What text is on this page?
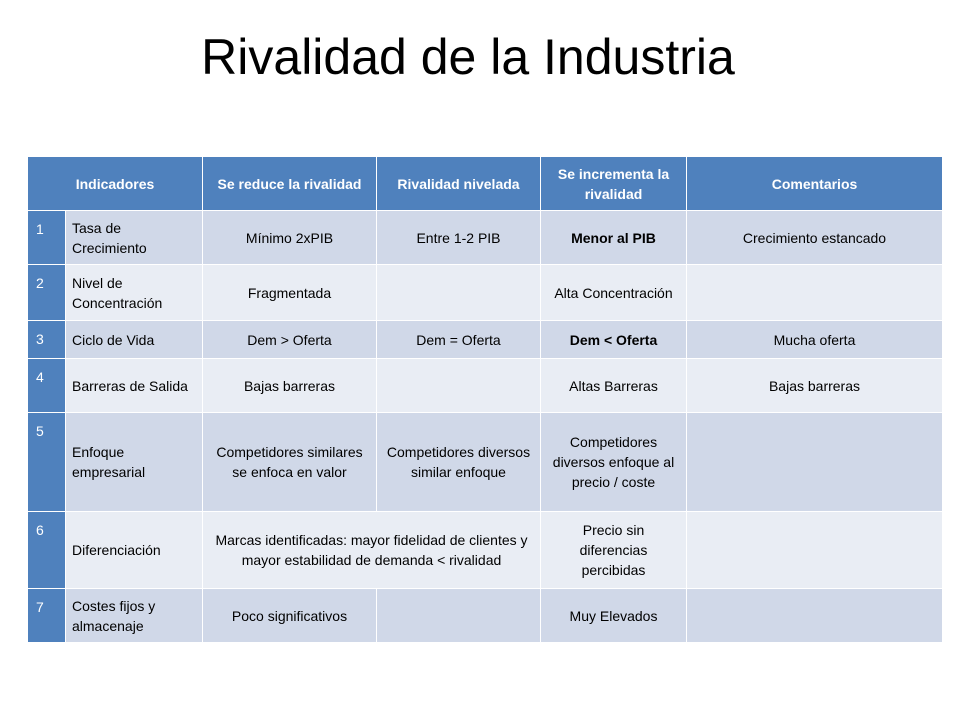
Rivalidad de la Industria
Indicadores		Se reduce la rivalidad	Rivalidad nivelada	Se incrementa la rivalidad	Comentarios
1	Tasa de Crecimiento	Mínimo 2xPIB	Entre 1-2 PIB	Menor al PIB	Crecimiento estancado
2	Nivel de Concentración	Fragmentada		Alta Concentración	
3	Ciclo de Vida	Dem > Oferta	Dem = Oferta	Dem < Oferta	Mucha oferta
4	Barreras de Salida	Bajas barreras		Altas Barreras	Bajas barreras
5	Enfoque empresarial	Competidores similares se enfoca en valor	Competidores diversos similar enfoque	Competidores diversos enfoque al precio / coste	
6	Diferenciación	Marcas identificadas: mayor fidelidad de clientes y mayor estabilidad de demanda < rivalidad		Precio sin diferencias percibidas	
7	Costes fijos y almacenaje	Poco significativos		Muy Elevados	
